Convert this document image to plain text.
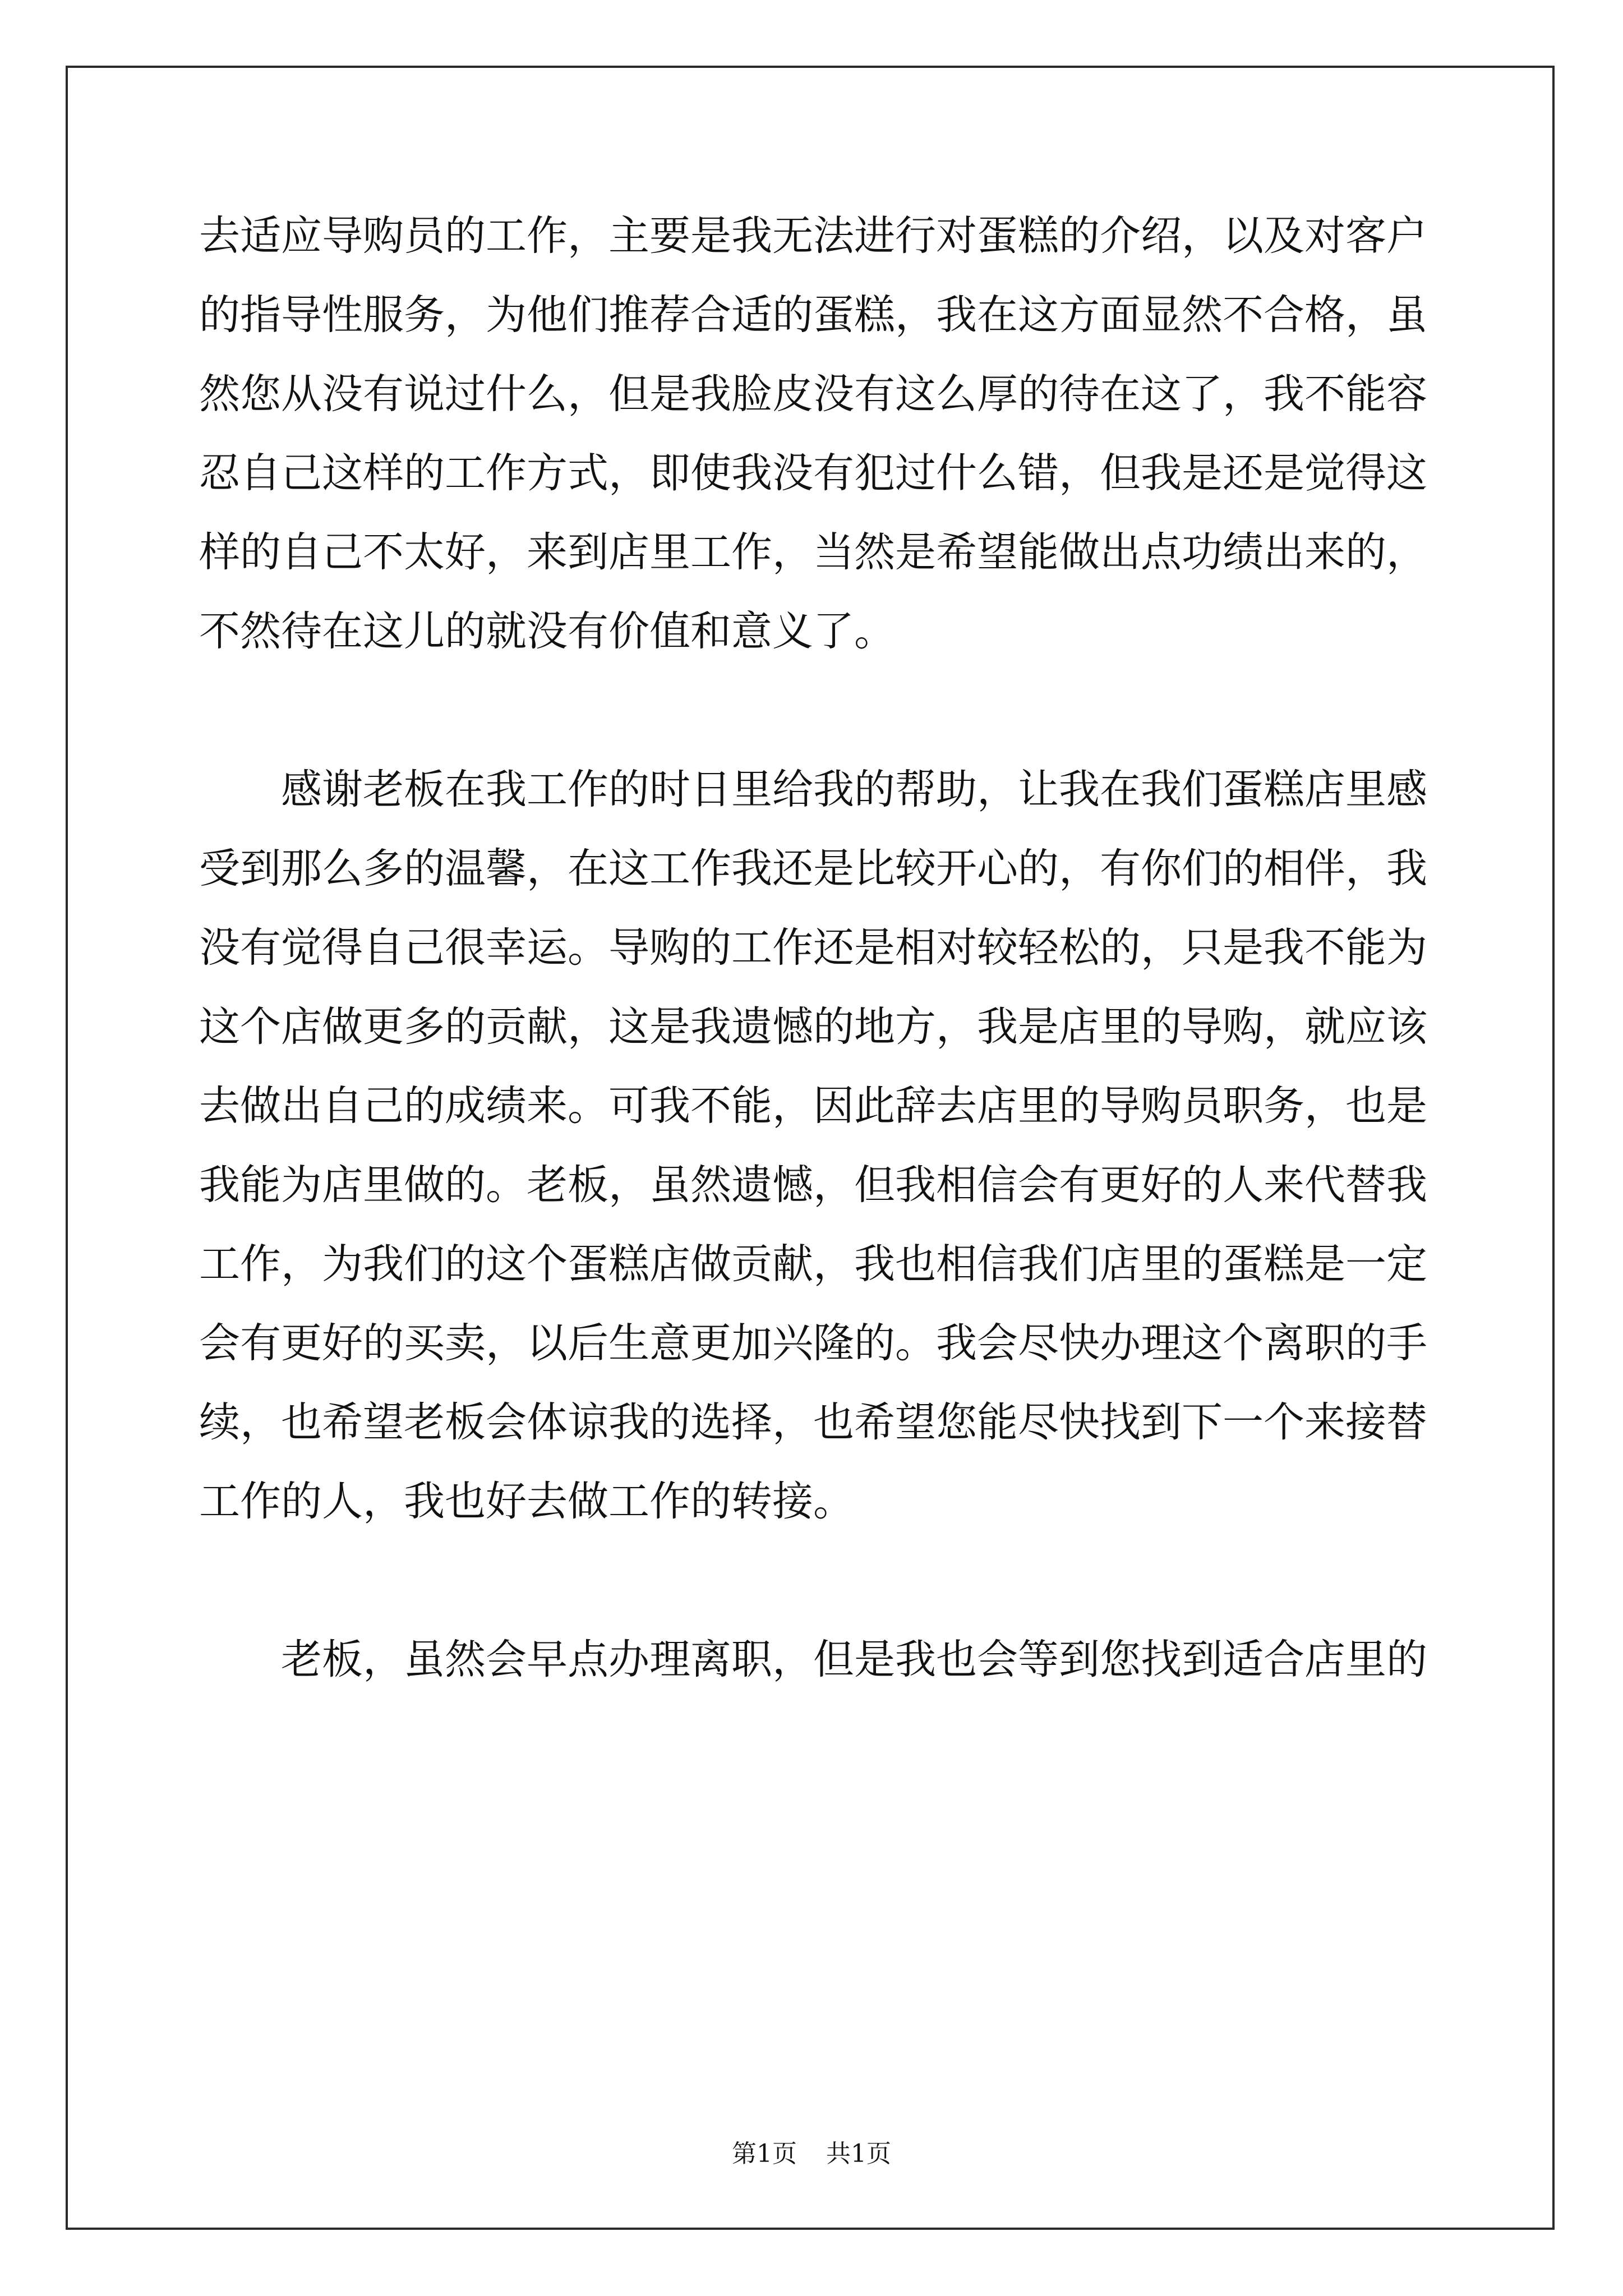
去适应导购员的工作，主要是我无法进行对蛋糕的介绍，以及对客户
的指导性服务，为他们推荐合适的蛋糕，我在这方面显然不合格，虽
然您从没有说过什么，但是我脸皮没有这么厚的待在这了，我不能容
忍自己这样的工作方式，即使我没有犯过什么错，但我是还是觉得这
样的自己不太好，来到店里工作，当然是希望能做出点功绩出来的，
不然待在这儿的就没有价值和意义了。
感谢老板在我工作的时日里给我的帮助，让我在我们蛋糕店里感
受到那么多的温馨，在这工作我还是比较开心的，有你们的相伴，我
没有觉得自己很幸运。导购的工作还是相对较轻松的，只是我不能为
这个店做更多的贡献，这是我遗憾的地方，我是店里的导购，就应该
去做出自己的成绩来。可我不能，因此辞去店里的导购员职务，也是
我能为店里做的。老板，虽然遗憾，但我相信会有更好的人来代替我
工作，为我们的这个蛋糕店做贡献，我也相信我们店里的蛋糕是一定
会有更好的买卖，以后生意更加兴隆的。我会尽快办理这个离职的手
续，也希望老板会体谅我的选择，也希望您能尽快找到下一个来接替
工作的人，我也好去做工作的转接。
老板，虽然会早点办理离职，但是我也会等到您找到适合店里的
第1页 共1页
